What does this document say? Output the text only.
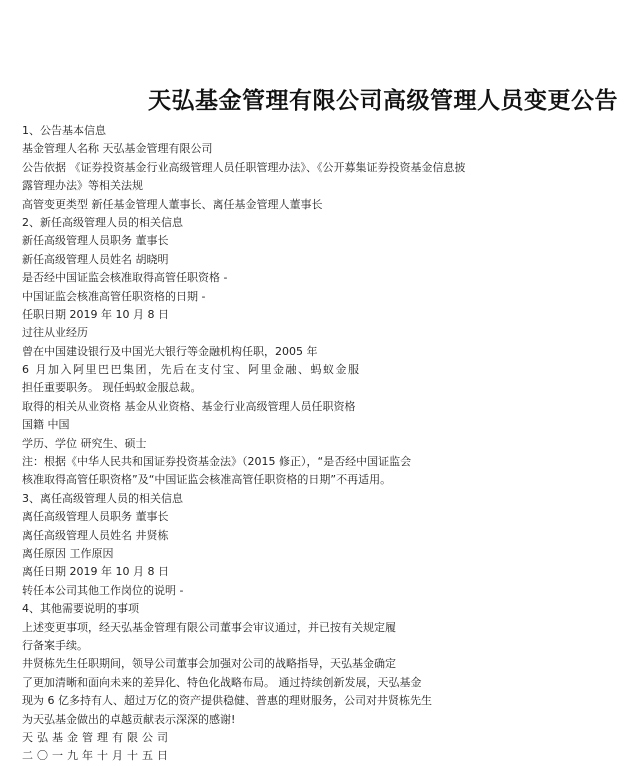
天弘基金管理有限公司高级管理人员变更公告
1、公告基本信息
基金管理人名称 天弘基金管理有限公司
公告依据 《证券投资基金行业高级管理人员任职管理办法》、《公开募集证券投资基金信息披
露管理办法》等相关法规
高管变更类型 新任基金管理人董事长、离任基金管理人董事长
2、新任高级管理人员的相关信息
新任高级管理人员职务 董事长
新任高级管理人员姓名 胡晓明
是否经中国证监会核准取得高管任职资格 -
中国证监会核准高管任职资格的日期 -
任职日期 2019 年 10 月 8 日
过往从业经历
曾在中国建设银行及中国光大银行等金融机构任职，2005 年
6 月加入阿里巴巴集团，先后在支付宝、阿里金融、蚂蚁金服
担任重要职务。 现任蚂蚁金服总裁。
取得的相关从业资格 基金从业资格、基金行业高级管理人员任职资格
国籍 中国
学历、学位 研究生、硕士
注：根据《中华人民共和国证券投资基金法》（2015 修正），“是否经中国证监会
核准取得高管任职资格”及“中国证监会核准高管任职资格的日期”不再适用。
3、离任高级管理人员的相关信息
离任高级管理人员职务 董事长
离任高级管理人员姓名 井贤栋
离任原因 工作原因
离任日期 2019 年 10 月 8 日
转任本公司其他工作岗位的说明 -
4、其他需要说明的事项
上述变更事项，经天弘基金管理有限公司董事会审议通过，并已按有关规定履
行备案手续。
井贤栋先生任职期间，领导公司董事会加强对公司的战略指导，天弘基金确定
了更加清晰和面向未来的差异化、特色化战略布局。 通过持续创新发展，天弘基金
现为 6 亿多持有人、超过万亿的资产提供稳健、普惠的理财服务，公司对井贤栋先生
为天弘基金做出的卓越贡献表示深深的感谢!
天弘基金管理有限公司
二〇一九年十月十五日
